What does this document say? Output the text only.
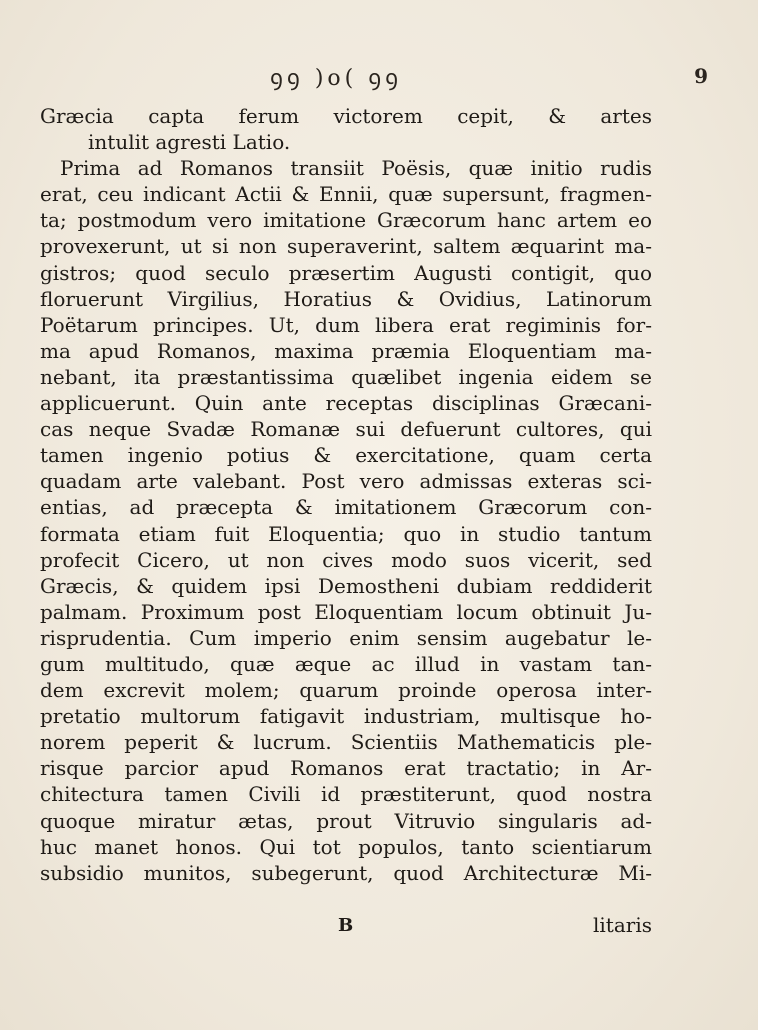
ꝯꝯ )o( ꝯꝯ	9
Græcia capta ferum victorem cepit, & artes
intulit agresti Latio.
Prima ad Romanos transiit Poësis, quæ initio rudis
erat, ceu indicant Actii & Ennii, quæ supersunt, fragmen-
ta; postmodum vero imitatione Græcorum hanc artem eo
provexerunt, ut si non superaverint, saltem æquarint ma-
gistros; quod seculo præsertim Augusti contigit, quo
floruerunt Virgilius, Horatius & Ovidius, Latinorum
Poëtarum principes. Ut, dum libera erat regiminis for-
ma apud Romanos, maxima præmia Eloquentiam ma-
nebant, ita præstantissima quælibet ingenia eidem se
applicuerunt. Quin ante receptas disciplinas Græcani-
cas neque Svadæ Romanæ sui defuerunt cultores, qui
tamen ingenio potius & exercitatione, quam certa
quadam arte valebant. Post vero admissas exteras sci-
entias, ad præcepta & imitationem Græcorum con-
formata etiam fuit Eloquentia; quo in studio tantum
profecit Cicero, ut non cives modo suos vicerit, sed
Græcis, & quidem ipsi Demostheni dubiam reddiderit
palmam. Proximum post Eloquentiam locum obtinuit Ju-
risprudentia. Cum imperio enim sensim augebatur le-
gum multitudo, quæ æque ac illud in vastam tan-
dem excrevit molem; quarum proinde operosa inter-
pretatio multorum fatigavit industriam, multisque ho-
norem peperit & lucrum. Scientiis Mathematicis ple-
risque parcior apud Romanos erat tractatio; in Ar-
chitectura tamen Civili id præstiterunt, quod nostra
quoque miratur ætas, prout Vitruvio singularis ad-
huc manet honos. Qui tot populos, tanto scientiarum
subsidio munitos, subegerunt, quod Architecturæ Mi-
B	litaris
